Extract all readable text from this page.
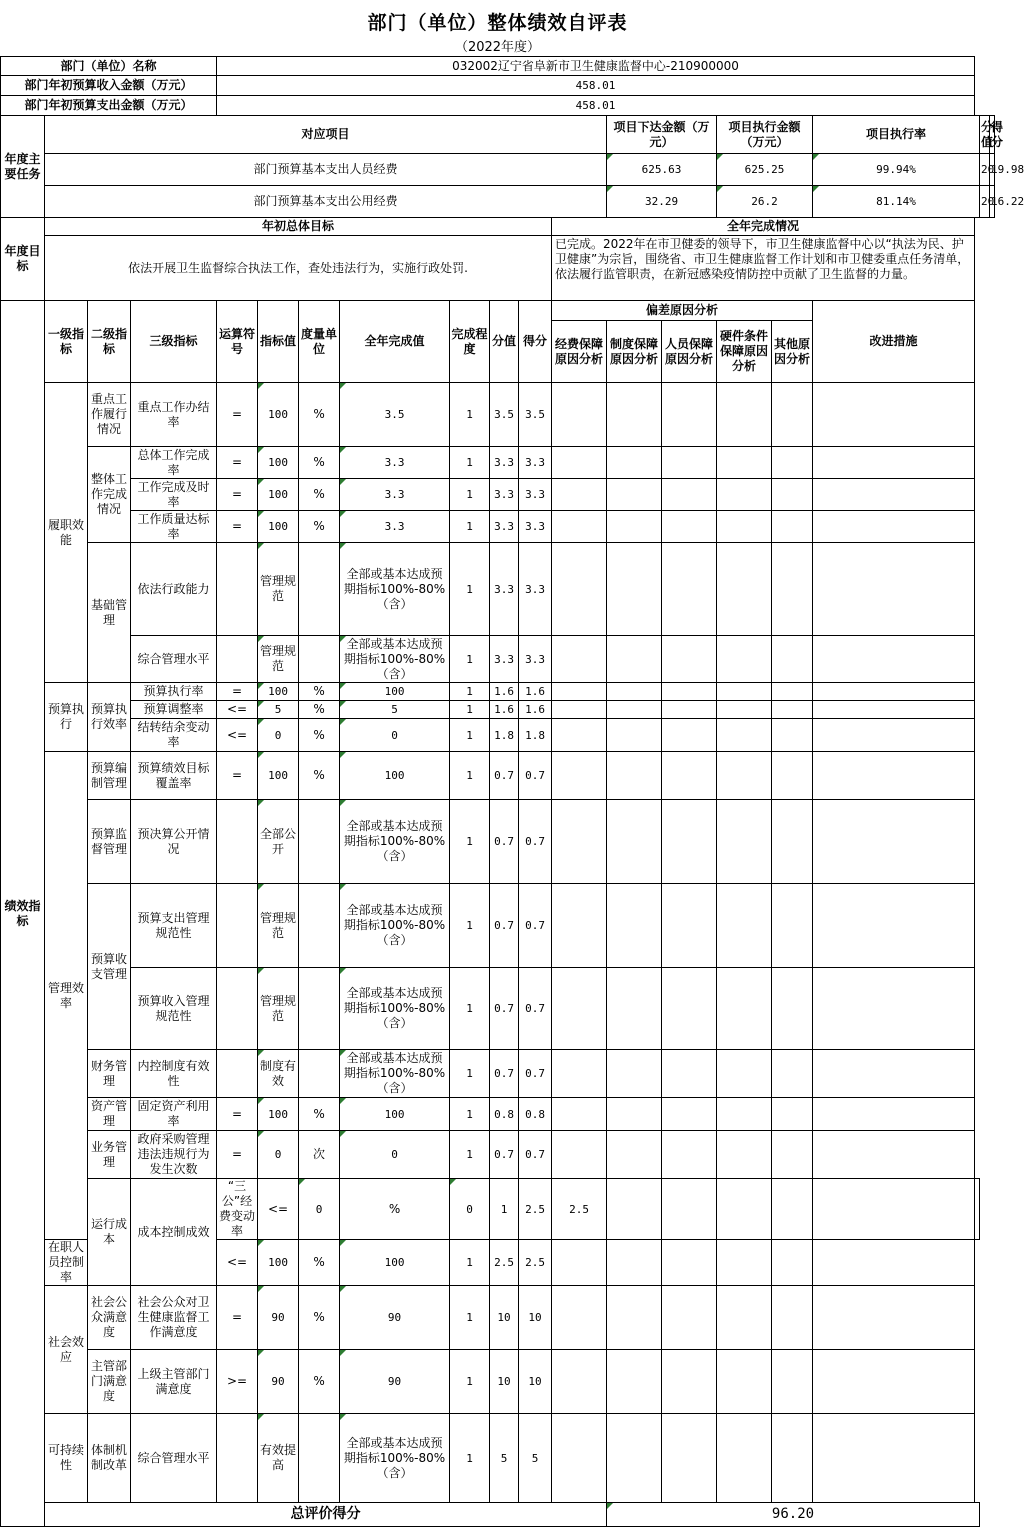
部门（单位）整体绩效自评表
（2022年度）
部门（单位）名称				032002辽宁省阜新市卫生健康监督中心-210900000															
部门年初预算收入金额（万元）				458.01															
部门年初预算支出金额（万元）				458.01															
年度主要任务	对应项目											项目下达金额（万元）		项目执行金额（万元）		项目执行率		分值	得分
	部门预算基本支出人员经费											625.63		625.25		99.94%		20	19.98
	部门预算基本支出公用经费											32.29		26.2		81.14%		20	16.22
年度目标	年初总体目标										全年完成情况								
	依法开展卫生监督综合执法工作，查处违法行为，实施行政处罚.										已完成。2022年在市卫健委的领导下，市卫生健康监督中心以“执法为民、护卫健康”为宗旨，围绕省、市卫生健康监督工作计划和市卫健委重点任务清单，依法履行监管职责，在新冠感染疫情防控中贡献了卫生监督的力量。								
绩效指标	一级指标	二级指标	三级指标	运算符号	指标值	度量单位	全年完成值	完成程度	分值	得分	偏差原因分析					改进措施			
											经费保障原因分析	制度保障原因分析	人员保障原因分析	硬件条件保障原因分析	其他原因分析				
	履职效能	重点工作履行情况	重点工作办结率	=	100	%	3.5	1	3.5	3.5									
		整体工作完成情况	总体工作完成率	=	100	%	3.3	1	3.3	3.3									
			工作完成及时率	=	100	%	3.3	1	3.3	3.3									
			工作质量达标率	=	100	%	3.3	1	3.3	3.3									
		基础管理	依法行政能力		管理规范		全部或基本达成预期指标100%-80%（含）	1	3.3	3.3									
			综合管理水平		管理规范		全部或基本达成预期指标100%-80%（含）	1	3.3	3.3									
	预算执行	预算执行效率	预算执行率	=	100	%	100	1	1.6	1.6									
			预算调整率	<=	5	%	5	1	1.6	1.6									
			结转结余变动率	<=	0	%	0	1	1.8	1.8									
	管理效率	预算编制管理	预算绩效目标覆盖率	=	100	%	100	1	0.7	0.7									
		预算监督管理	预决算公开情况		全部公开		全部或基本达成预期指标100%-80%（含）	1	0.7	0.7									
		预算收支管理	预算支出管理规范性		管理规范		全部或基本达成预期指标100%-80%（含）	1	0.7	0.7									
			预算收入管理规范性		管理规范		全部或基本达成预期指标100%-80%（含）	1	0.7	0.7									
		财务管理	内控制度有效性		制度有效		全部或基本达成预期指标100%-80%（含）	1	0.7	0.7									
		资产管理	固定资产利用率	=	100	%	100	1	0.8	0.8									
		业务管理	政府采购管理违法违规行为发生次数	=	0	次	0	1	0.7	0.7									
		运行成本	成本控制成效	“三公”经费变动率	<=	0	%	0	1	2.5	2.5								
	在职人员控制率			<=	100	%	100	1	2.5	2.5									
	社会效应	社会公众满意度	社会公众对卫生健康监督工作满意度	=	90	%	90	1	10	10									
		主管部门满意度	上级主管部门满意度	>=	90	%	90	1	10	10									
	可持续性	体制机制改革	综合管理水平		有效提高		全部或基本达成预期指标100%-80%（含）	1	5	5									
	总评价得分											96.20							
